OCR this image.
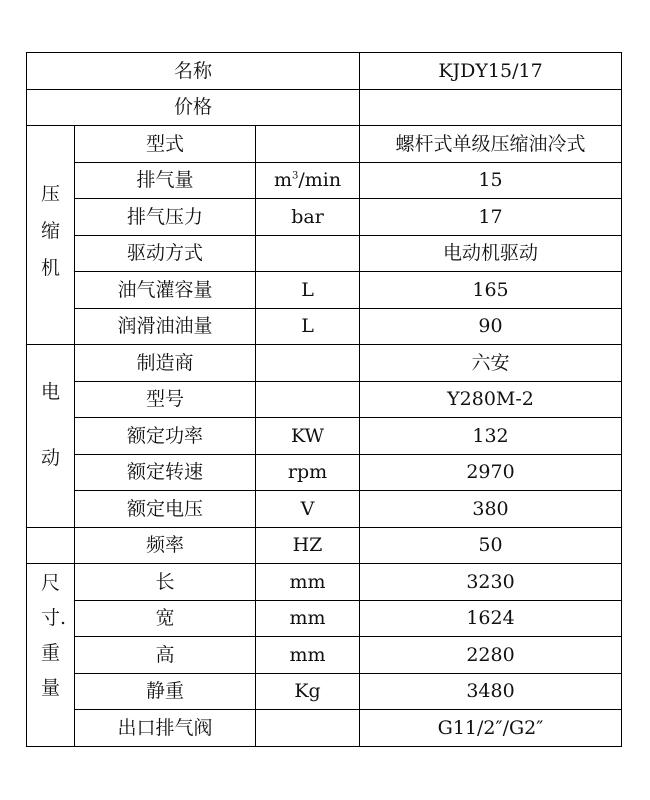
名称			KJDY15/17
价格			

压缩机	型式		螺杆式单级压缩油冷式
	排气量	$m^3/\min$	15
	排气压力	bar	17
	驱动方式		电动机驱动
	油气灌容量	L	165
	润滑油油量	L	90

电动	制造商		六安
	型号		Y280M-2
	额定功率	KW	132
	额定转速	rpm	2970
	额定电压	V	380
	频率	HZ	50

尺寸.重量	长	mm	3230
	宽	mm	1624
	高	mm	2280
	静重	Kg	3480
	出口排气阀		G11/2″/G2″
